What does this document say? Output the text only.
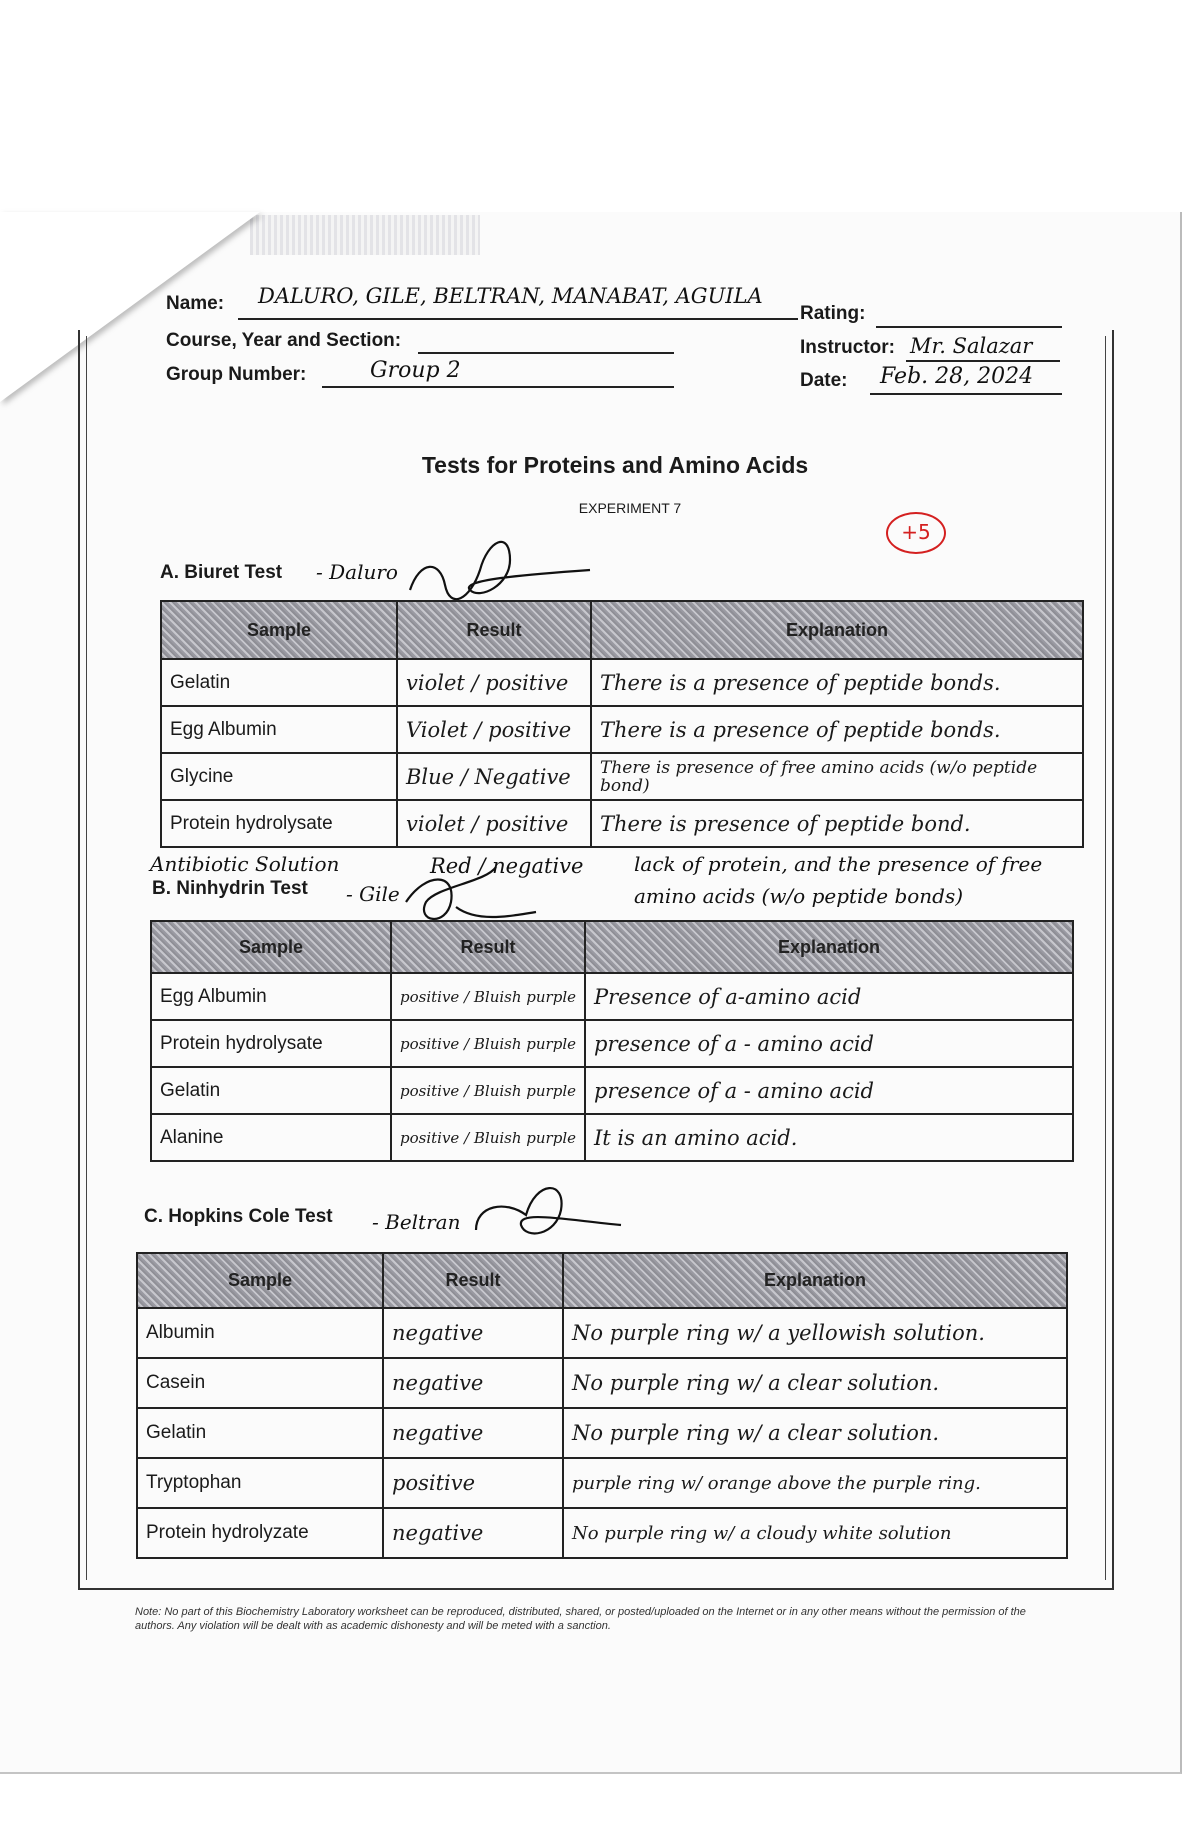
Name: DALURO, GILE, BELTRAN, MANABAT, AGUILA
Rating:
Course, Year and Section:	Instructor: Mr. Salazar
Group Number:	Group 2	Date: Feb. 28, 2024
Tests for Proteins and Amino Acids
EXPERIMENT 7
+5
A. Biuret Test - Daluro
Sample	Result	Explanation
Gelatin	violet / positive	There is a presence of peptide bonds.
Egg Albumin	Violet / positive	There is a presence of peptide bonds.
Glycine	Blue / Negative	There is presence of free amino acids (w/o peptide bond)
Protein hydrolysate	violet / positive	There is presence of peptide bond.
Antibiotic Solution	Red / negative	lack of protein, and the presence of free
amino acids (w/o peptide bonds)
B. Ninhydrin Test - Gile
Sample	Result	Explanation
Egg Albumin	positive / Bluish purple	Presence of a-amino acid
Protein hydrolysate	positive / Bluish purple	presence of a - amino acid
Gelatin	positive / Bluish purple	presence of a - amino acid
Alanine	positive / Bluish purple	It is an amino acid.
C. Hopkins Cole Test - Beltran
Sample	Result	Explanation
Albumin	negative	No purple ring w/ a yellowish solution.
Casein	negative	No purple ring w/ a clear solution.
Gelatin	negative	No purple ring w/ a clear solution.
Tryptophan	positive	purple ring w/ orange above the purple ring.
Protein hydrolyzate	negative	No purple ring w/ a cloudy white solution
Note: No part of this Biochemistry Laboratory worksheet can be reproduced, distributed, shared, or posted/uploaded on the Internet or in any other means without the permission of the authors. Any violation will be dealt with as academic dishonesty and will be meted with a sanction.
